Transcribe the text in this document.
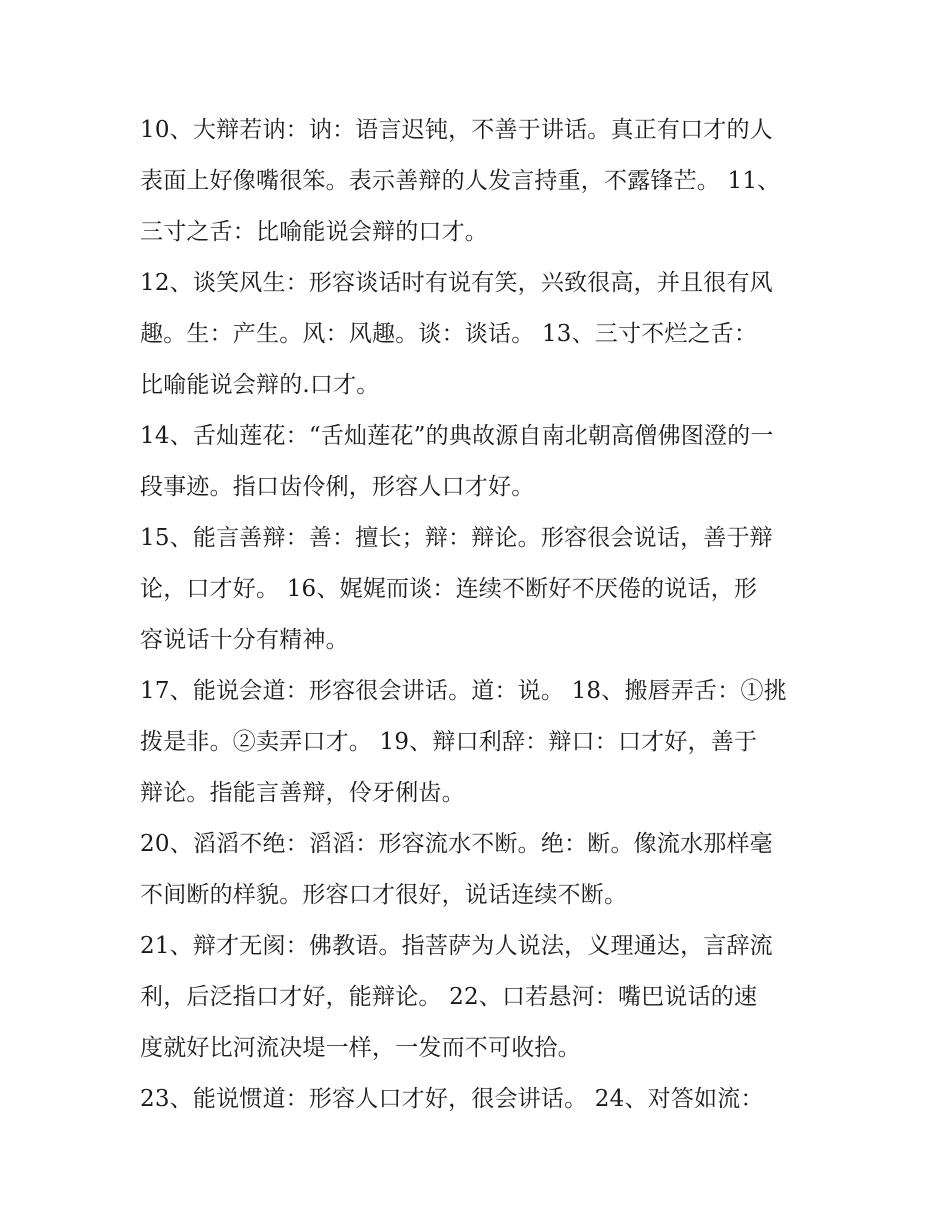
10、大辩若讷：讷：语言迟钝，不善于讲话。真正有口才的人
表面上好像嘴很笨。表示善辩的人发言持重，不露锋芒。 11、
三寸之舌：比喻能说会辩的口才。
12、谈笑风生：形容谈话时有说有笑，兴致很高，并且很有风
趣。生：产生。风：风趣。谈：谈话。 13、三寸不烂之舌：
比喻能说会辩的.口才。
14、舌灿莲花：“舌灿莲花”的典故源自南北朝高僧佛图澄的一
段事迹。指口齿伶俐，形容人口才好。
15、能言善辩：善：擅长；辩：辩论。形容很会说话，善于辩
论，口才好。 16、娓娓而谈：连续不断好不厌倦的说话，形
容说话十分有精神。
17、能说会道：形容很会讲话。道：说。 18、搬唇弄舌：①挑
拨是非。②卖弄口才。 19、辩口利辞：辩口：口才好，善于
辩论。指能言善辩，伶牙俐齿。
20、滔滔不绝：滔滔：形容流水不断。绝：断。像流水那样毫
不间断的样貌。形容口才很好，说话连续不断。
21、辩才无阂：佛教语。指菩萨为人说法，义理通达，言辞流
利，后泛指口才好，能辩论。 22、口若悬河：嘴巴说话的速
度就好比河流决堤一样，一发而不可收拾。
23、能说惯道：形容人口才好，很会讲话。 24、对答如流：
